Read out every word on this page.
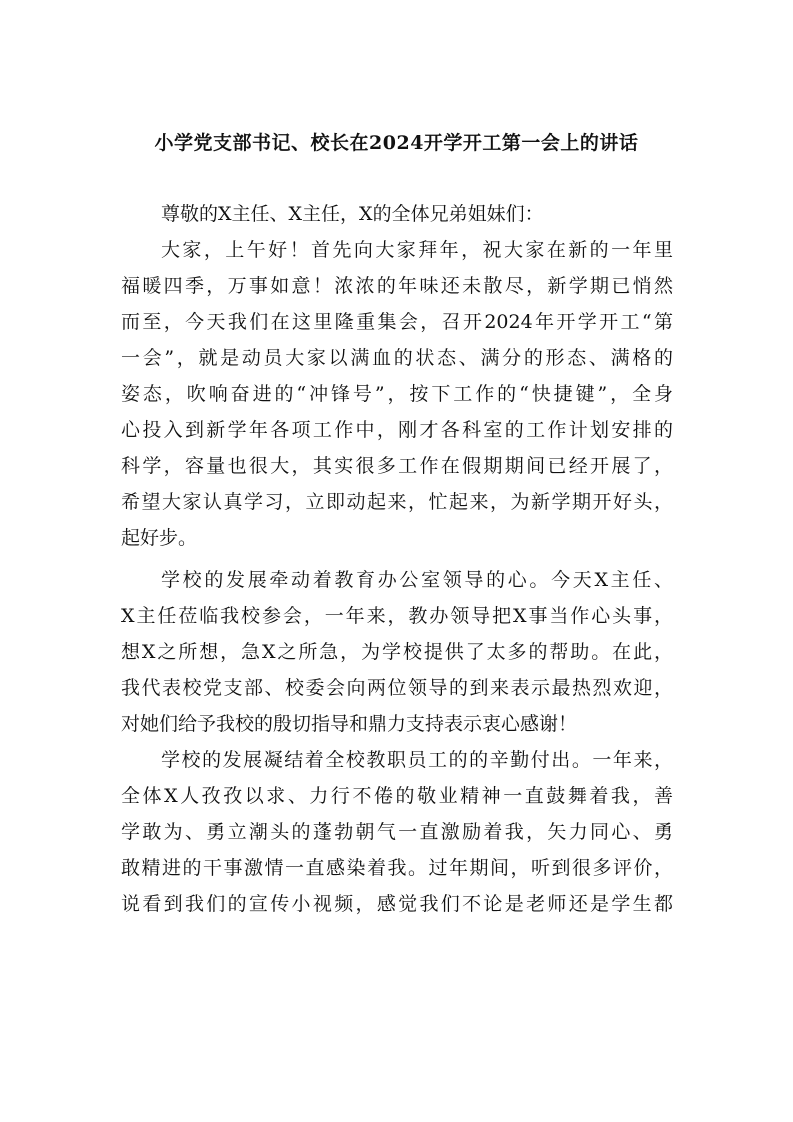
小学党支部书记、校长在2024开学开工第一会上的讲话
尊敬的X主任、X主任，X的全体兄弟姐妹们：
大家，上午好！首先向大家拜年，祝大家在新的一年里
福暖四季，万事如意！浓浓的年味还未散尽，新学期已悄然
而至，今天我们在这里隆重集会，召开2024年开学开工“第
一会”，就是动员大家以满血的状态、满分的形态、满格的
姿态，吹响奋进的“冲锋号”，按下工作的“快捷键”，全身
心投入到新学年各项工作中，刚才各科室的工作计划安排的
科学，容量也很大，其实很多工作在假期期间已经开展了，
希望大家认真学习，立即动起来，忙起来，为新学期开好头，
起好步。
学校的发展牵动着教育办公室领导的心。今天X主任、
X主任莅临我校参会，一年来，教办领导把X事当作心头事，
想X之所想，急X之所急，为学校提供了太多的帮助。在此，
我代表校党支部、校委会向两位领导的到来表示最热烈欢迎，
对她们给予我校的殷切指导和鼎力支持表示衷心感谢！
学校的发展凝结着全校教职员工的的辛勤付出。一年来，
全体X人孜孜以求、力行不倦的敬业精神一直鼓舞着我，善
学敢为、勇立潮头的蓬勃朝气一直激励着我，矢力同心、勇
敢精进的干事激情一直感染着我。过年期间，听到很多评价，
说看到我们的宣传小视频，感觉我们不论是老师还是学生都
